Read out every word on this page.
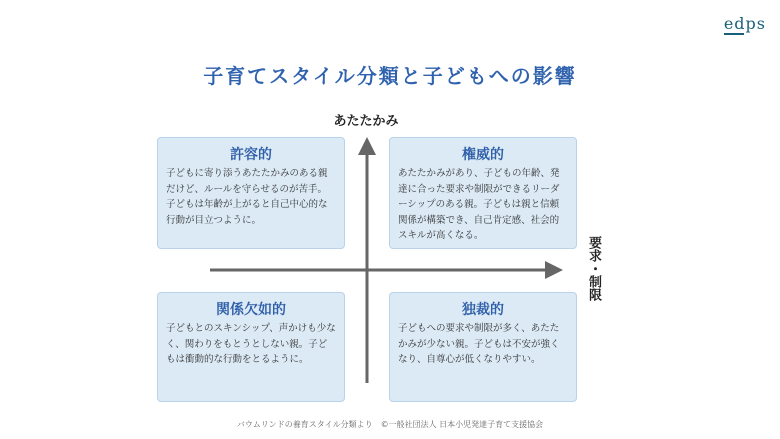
edps
子育てスタイル分類と子どもへの影響
あたたかみ
要求・制限
許容的

子どもに寄り添うあたたかみのある親だけど、ルールを守らせるのが苦手。子どもは年齢が上がると自己中心的な行動が目立つように。

権威的

あたたかみがあり、子どもの年齢、発達に合った要求や制限ができるリーダーシップのある親。子どもは親と信頼関係が構築でき、自己肯定感、社会的スキルが高くなる。

関係欠如的

子どもとのスキンシップ、声かけも少なく、関わりをもとうとしない親。子どもは衝動的な行動をとるように。

独裁的

子どもへの要求や制限が多く、あたたかみが少ない親。子どもは不安が強くなり、自尊心が低くなりやすい。

バウムリンドの養育スタイル分類より　©一般社団法人 日本小児発達子育て支援協会
